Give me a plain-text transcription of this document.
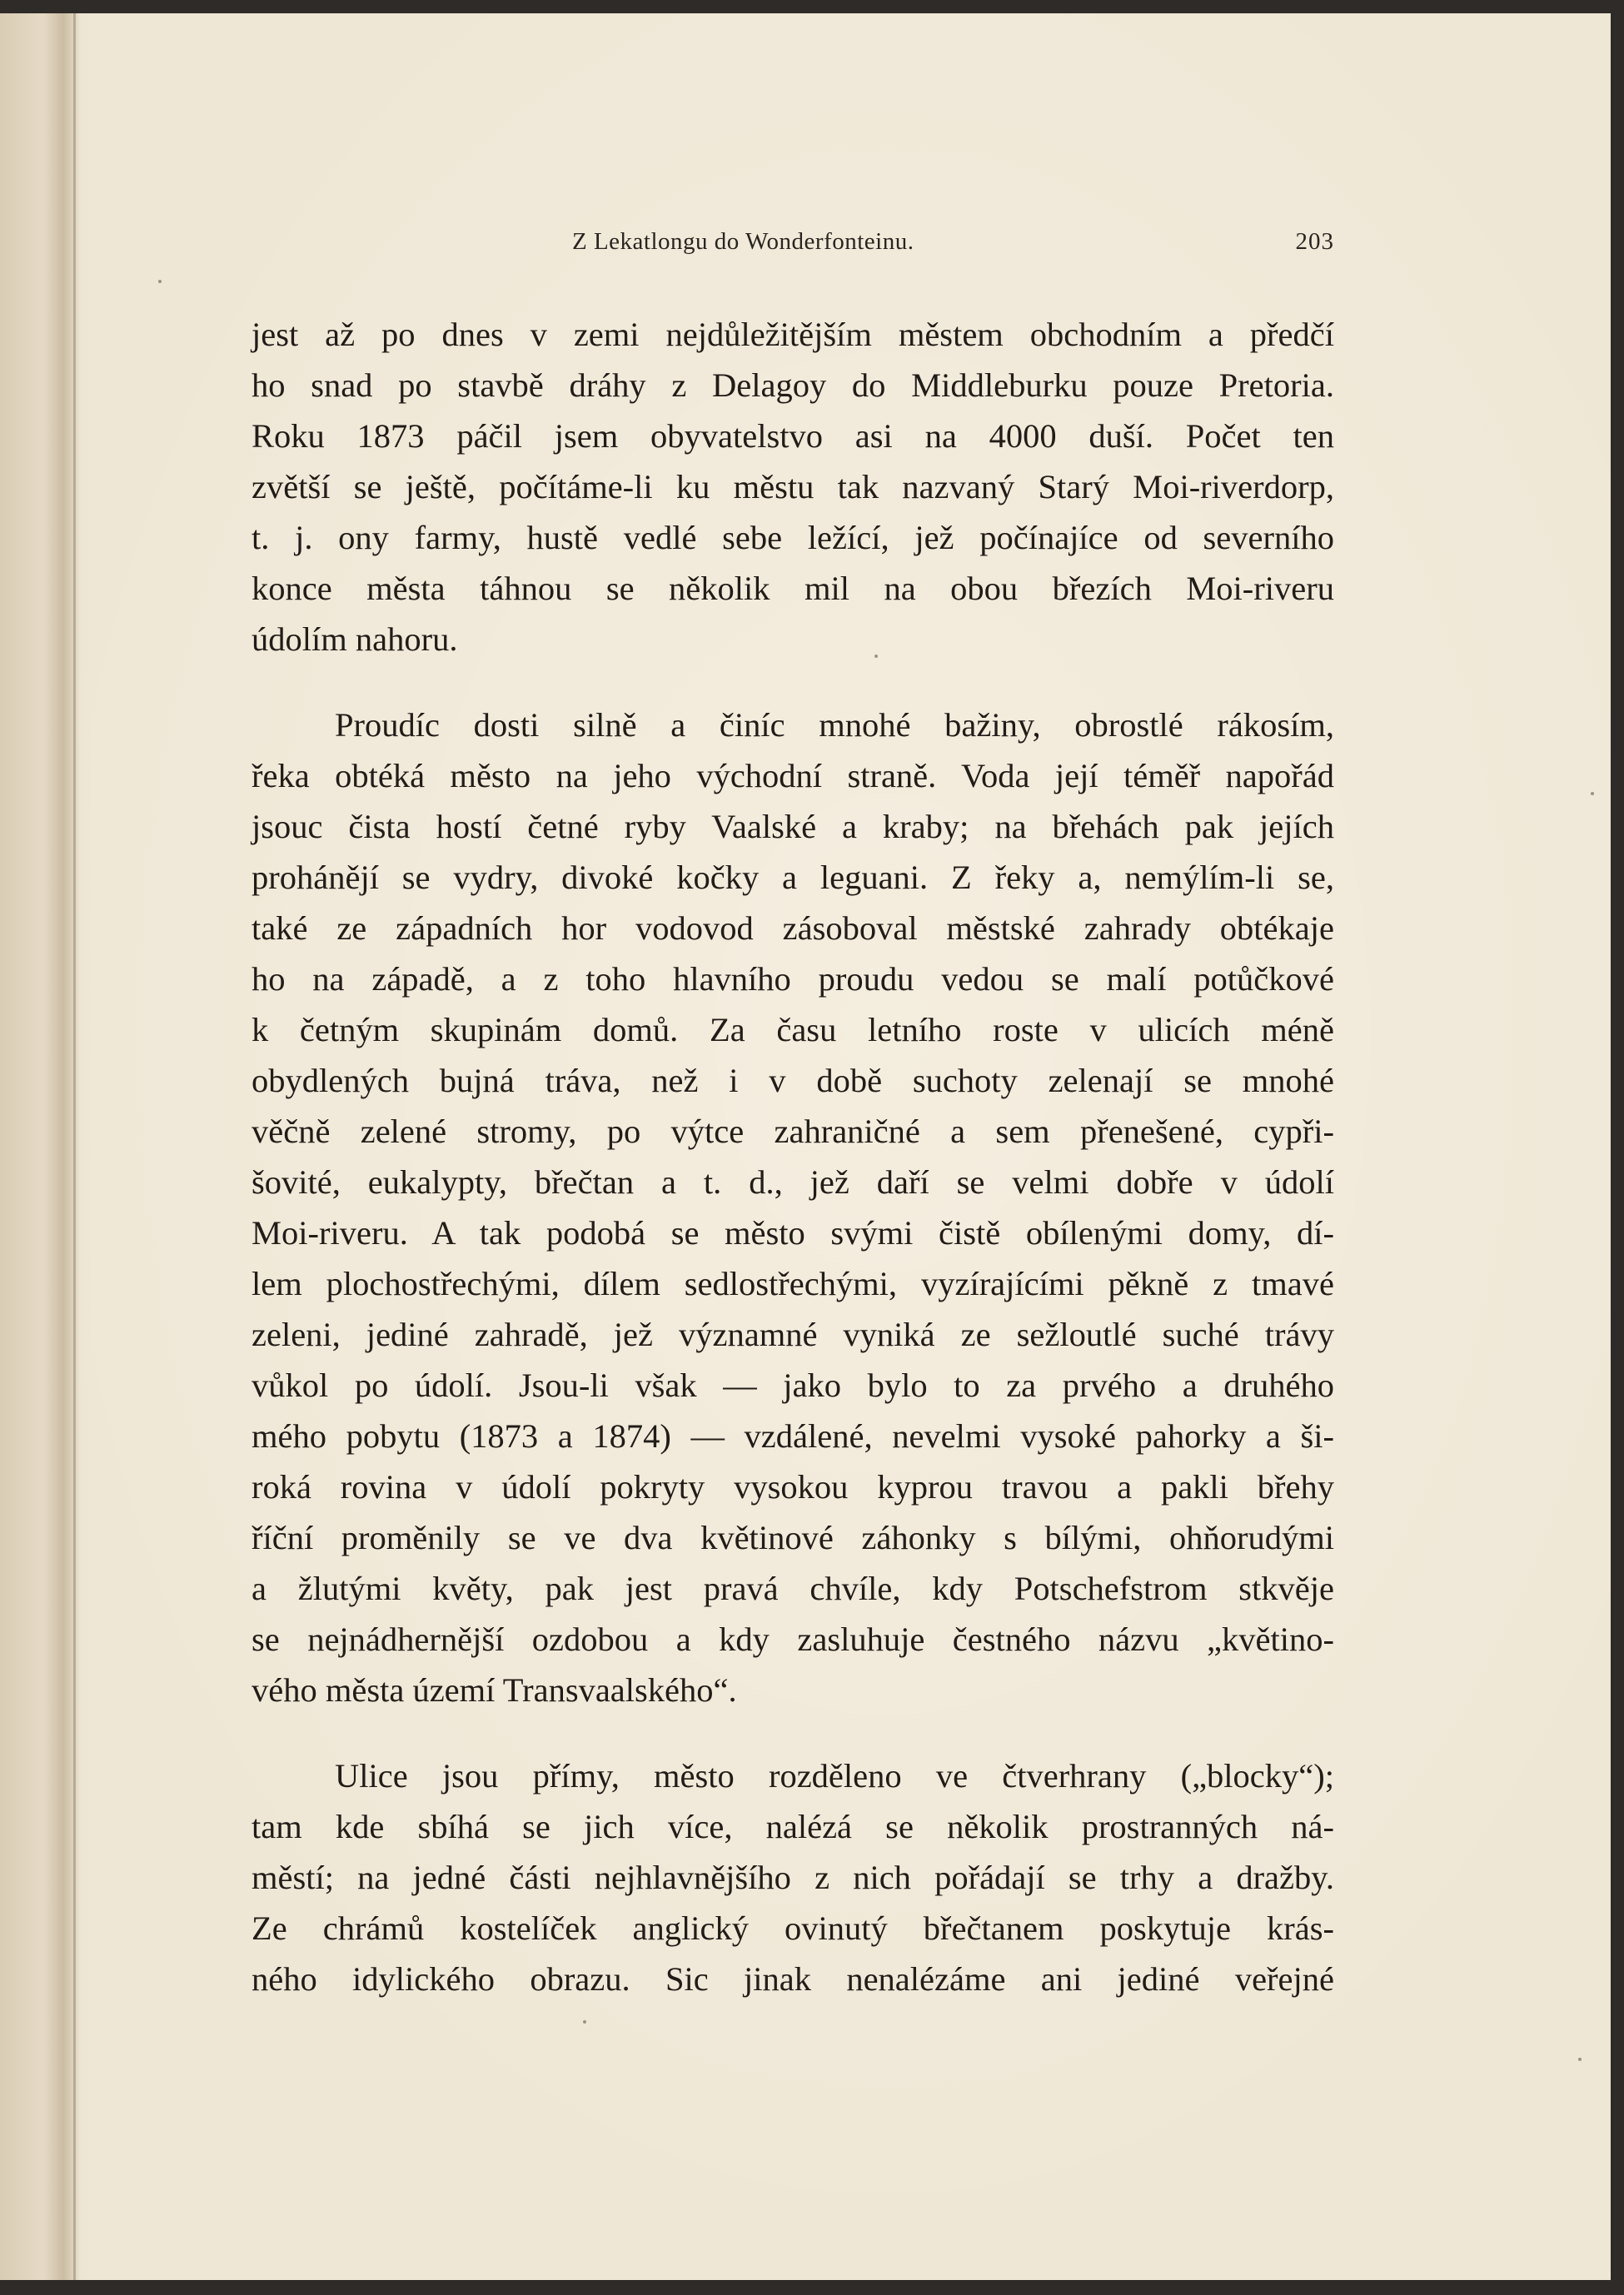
Z Lekatlongu do Wonderfonteinu.	203

jest až po dnes v zemi nejdůležitějším městem obchodním a předčí
ho snad po stavbě dráhy z Delagoy do Middleburku pouze Pretoria.
Roku 1873 páčil jsem obyvatelstvo asi na 4000 duší. Počet ten
zvětší se ještě, počítáme-li ku městu tak nazvaný Starý Moi-riverdorp,
t. j. ony farmy, hustě vedlé sebe ležící, jež počínajíce od severního
konce města táhnou se několik mil na obou březích Moi-riveru
údolím nahoru.

Proudíc dosti silně a činíc mnohé bažiny, obrostlé rákosím,
řeka obtéká město na jeho východní straně. Voda její téměř napořád
jsouc čista hostí četné ryby Vaalské a kraby; na břehách pak jejích
prohánějí se vydry, divoké kočky a leguani. Z řeky a, nemýlím-li se,
také ze západních hor vodovod zásoboval městské zahrady obtékaje
ho na západě, a z toho hlavního proudu vedou se malí potůčkové
k četným skupinám domů. Za času letního roste v ulicích méně
obydlených bujná tráva, než i v době suchoty zelenají se mnohé
věčně zelené stromy, po výtce zahraničné a sem přenešené, cypři-
šovité, eukalypty, břečtan a t. d., jež daří se velmi dobře v údolí
Moi-riveru. A tak podobá se město svými čistě obílenými domy, dí-
lem plochostřechými, dílem sedlostřechými, vyzírajícími pěkně z tmavé
zeleni, jediné zahradě, jež významné vyniká ze sežloutlé suché trávy
vůkol po údolí. Jsou-li však — jako bylo to za prvého a druhého
mého pobytu (1873 a 1874) — vzdálené, nevelmi vysoké pahorky a ši-
roká rovina v údolí pokryty vysokou kyprou travou a pakli břehy
říční proměnily se ve dva květinové záhonky s bílými, ohňorudými
a žlutými květy, pak jest pravá chvíle, kdy Potschefstrom stkvěje
se nejnádhernější ozdobou a kdy zasluhuje čestného názvu „květino-
vého města území Transvaalského“.

Ulice jsou přímy, město rozděleno ve čtverhrany („blocky“);
tam kde sbíhá se jich více, nalézá se několik prostranných ná-
městí; na jedné části nejhlavnějšího z nich pořádají se trhy a dražby.
Ze chrámů kostelíček anglický ovinutý břečtanem poskytuje krás-
ného idylického obrazu. Sic jinak nenalézáme ani jediné veřejné
